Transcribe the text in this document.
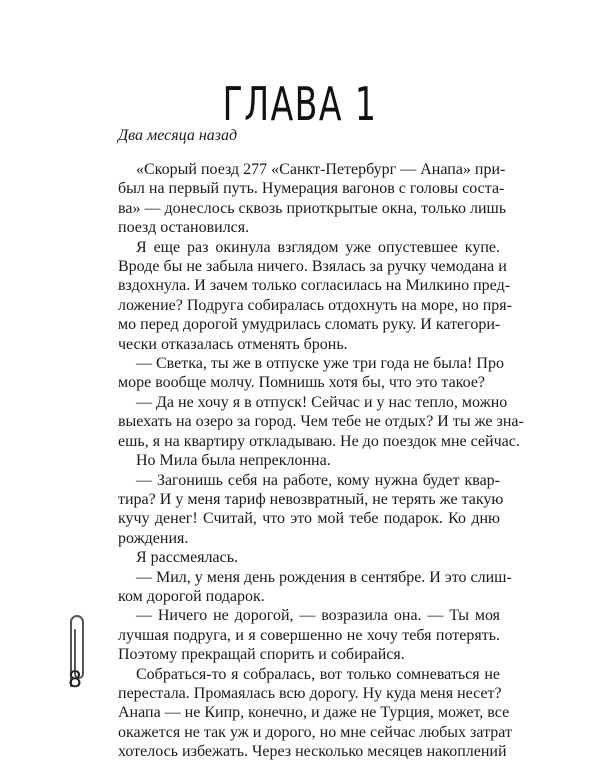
ГЛАВА 1
Два месяца назад

«Скорый поезд 277 «Санкт-Петербург — Анапа» при-
был на первый путь. Нумерация вагонов с головы соста-
ва» — донеслось сквозь приоткрытые окна, только лишь
поезд остановился.

Я еще раз окинула взглядом уже опустевшее купе.
Вроде бы не забыла ничего. Взялась за ручку чемодана и
вздохнула. И зачем только согласилась на Милкино пред-
ложение? Подруга собиралась отдохнуть на море, но пря-
мо перед дорогой умудрилась сломать руку. И категори-
чески отказалась отменять бронь.

— Светка, ты же в отпуске уже три года не была! Про
море вообще молчу. Помнишь хотя бы, что это такое?

— Да не хочу я в отпуск! Сейчас и у нас тепло, можно
выехать на озеро за город. Чем тебе не отдых? И ты же зна-
ешь, я на квартиру откладываю. Не до поездок мне сейчас.

Но Мила была непреклонна.

— Загонишь себя на работе, кому нужна будет квар-
тира? И у меня тариф невозвратный, не терять же такую
кучу денег! Считай, что это мой тебе подарок. Ко дню
рождения.

Я рассмеялась.

— Мил, у меня день рождения в сентябре. И это слиш-
ком дорогой подарок.

— Ничего не дорогой, — возразила она. — Ты моя
лучшая подруга, и я совершенно не хочу тебя потерять.
Поэтому прекращай спорить и собирайся.

Собраться-то я собралась, вот только сомневаться не
перестала. Промаялась всю дорогу. Ну куда меня несет?
Анапа — не Кипр, конечно, и даже не Турция, может, все
окажется не так уж и дорого, но мне сейчас любых затрат
хотелось избежать. Через несколько месяцев накоплений

8
